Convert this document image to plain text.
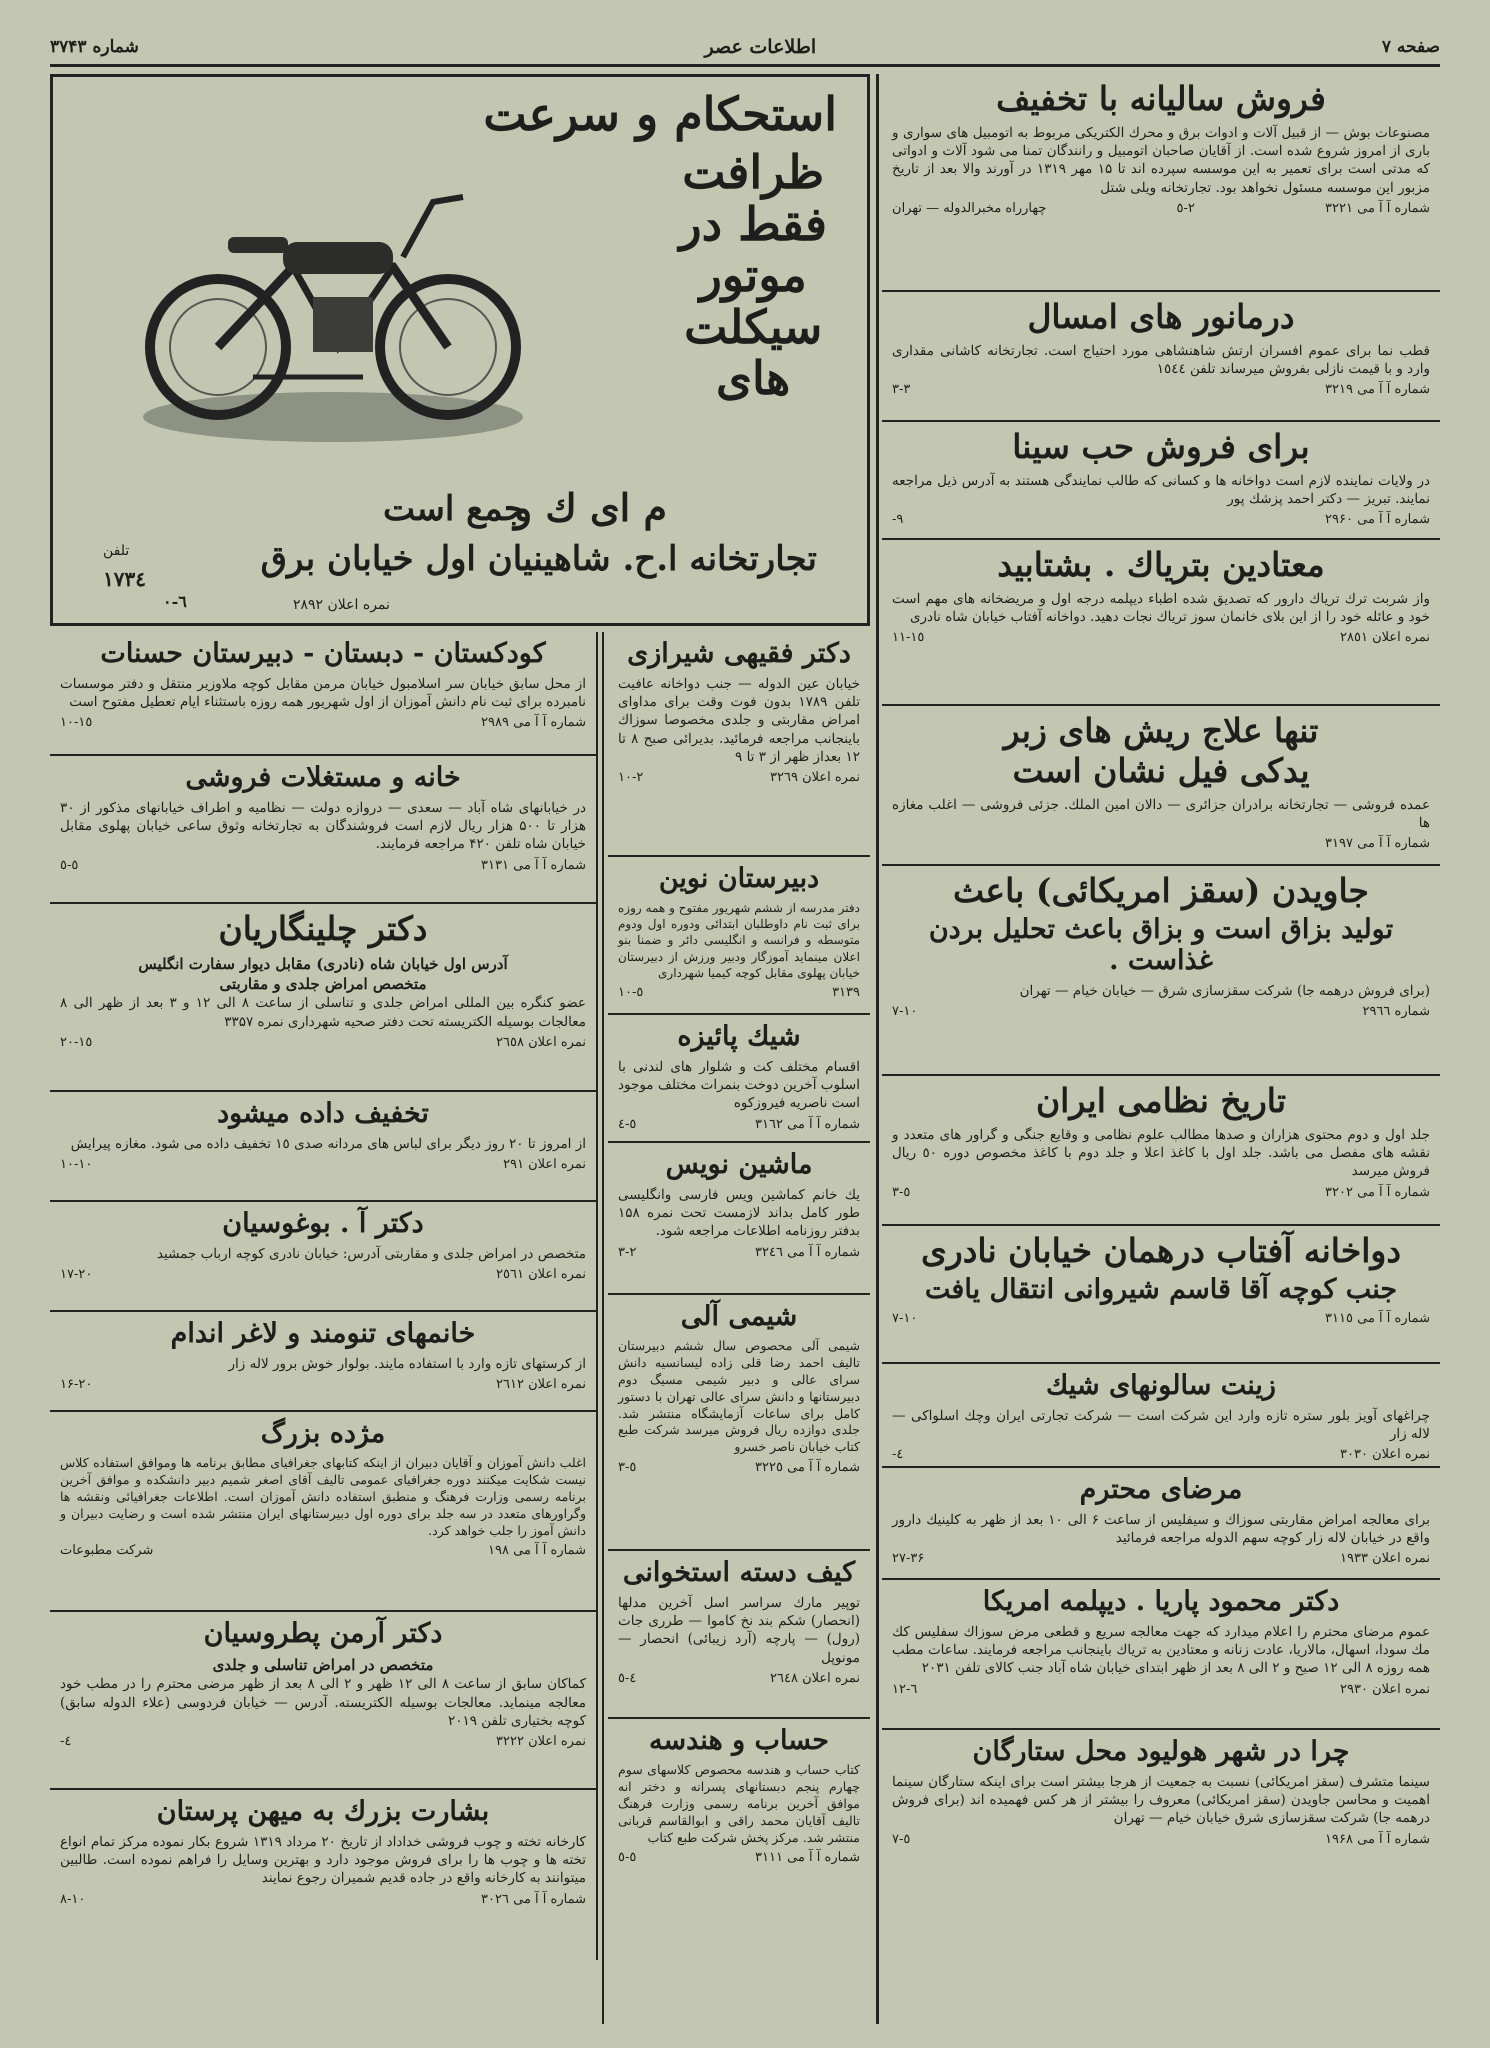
صفحه ۷
اطلاعات عصر
شماره ۳۷۴۳
استحکام و سرعت
ظرافت
فقط در
موتور
سیکلت
های
جمع است
م ای ك و
تجارتخانه ا.ح. شاهینیان اول خیابان برق
تلفن
۱۷۳٤
نمره اعلان ۲۸۹۲
٦-٠
فروش سالیانه با تخفیف

مصنوعات بوش — از قبیل آلات و ادوات برق و محرك الکتریکی مربوط به اتومبیل های سواری و باری از امروز شروع شده است. از آقایان صاحبان اتومبیل و رانندگان تمنا می شود آلات و ادواتی که مدتی است برای تعمیر به این موسسه سپرده اند تا ۱۵ مهر ۱۳۱۹ در آورند والا بعد از تاریخ مزبور این موسسه مسئول نخواهد بود. تجارتخانه ویلی شتل

شماره آ آ می ۳۲۲۱
٢-٥
چهارراه مخبرالدوله — تهران
درمانور های امسال

قطب نما برای عموم افسران ارتش شاهنشاهی مورد احتیاج است. تجارتخانه کاشانی مقداری وارد و با قیمت نازلی بفروش میرساند تلفن ۱٥٤٤

شماره آ آ می ۳۲۱۹
٣-٣
برای فروش حب سینا

در ولایات نماینده لازم است دواخانه ها و کسانی که طالب نمایندگی هستند به آدرس ذیل مراجعه نمایند. تبریز — دکتر احمد پزشك پور

شماره آ آ می ۲۹۶۰
٩-
معتادین بتریاك . بشتابید

واز شربت ترك تریاك دارور که تصدیق شده اطباء دیپلمه درجه اول و مریضخانه های مهم است خود و عائله خود را از این بلای خانمان سوز تریاك نجات دهید. دواخانه آفتاب خیابان شاه نادری

نمره اعلان ۲۸٥۱
۱۱-۱٥
تنها علاج ریش های زبر
یدکی فیل نشان است

عمده فروشی — تجارتخانه برادران جزائری — دالان امین الملك. جزئی فروشی — اغلب مغازه ها

شماره آ آ می ۳۱۹۷
جاویدن (سقز امریکائی) باعث
تولید بزاق است و بزاق باعث تحلیل بردن غذاست .

(برای فروش درهمه جا) شرکت سقزسازی شرق — خیابان خیام — تهران

شماره ۲۹٦٦
۷-۱۰
تاریخ نظامی ایران

جلد اول و دوم محتوی هزاران و صدها مطالب علوم نظامی و وقایع جنگی و گراور های متعدد و نقشه های مفصل می باشد. جلد اول با کاغذ اعلا و جلد دوم با کاغذ مخصوص دوره ٥۰ ریال فروش میرسد

شماره آ آ می ۳۲۰۲
٥-٣
دواخانه آفتاب درهمان خیابان نادری
جنب کوچه آقا قاسم شیروانی انتقال یافت
شماره آ آ می ۳۱۱٥
۷-۱۰
زینت سالونهای شیك

چراغهای آویز بلور ستره تازه وارد این شرکت است — شرکت تجارتی ایران وچك اسلواکی — لاله زار

نمره اعلان ۳۰۳۰
٤-
مرضای محترم

برای معالجه امراض مقاربتی سوزاك و سیفلیس از ساعت ۶ الی ۱۰ بعد از ظهر به کلینیك دارور واقع در خیابان لاله زار کوچه سهم الدوله مراجعه فرمائید

نمره اعلان ۱۹۳۳
۲۷-۳۶
دکتر محمود پاریا . دیپلمه امریکا

عموم مرضای محترم را اعلام میدارد که جهت معالجه سریع و قطعی مرض سوزاك سفلیس کك مك سودا، اسهال، مالاریا، عادت زنانه و معتادین به تریاك باینجانب مراجعه فرمایند. ساعات مطب همه روزه ۸ الی ۱۲ صبح و ۲ الی ۸ بعد از ظهر ابتدای خیابان شاه آباد جنب کالای تلفن ۲۰۳۱

نمره اعلان ۲۹۳۰
٦-١٢
چرا در شهر هولیود محل ستارگان

سینما متشرف (سقز امریکائی) نسبت به جمعیت از هرجا بیشتر است برای اینکه ستارگان سینما اهمیت و محاسن جاویدن (سقز امریکائی) معروف را بیشتر از هر کس فهمیده اند (برای فروش درهمه جا) شرکت سقزسازی شرق خیابان خیام — تهران

شماره آ آ می ۱۹۶۸
٥-۷
دکتر فقیهی شیرازی

خیابان عین الدوله — جنب دواخانه عافیت تلفن ۱۷۸۹ بدون فوت وقت برای مداوای امراض مقاربتی و جلدی مخصوصا سوزاك باینجانب مراجعه فرمائید. بدیرائی صبح ۸ تا ۱۲ بعداز ظهر از ۳ تا ۹

نمره اعلان ۳۲٦٩
٢-١٠
دبیرستان نوین

دفتر مدرسه از ششم شهریور مفتوح و همه روزه برای ثبت نام داوطلبان ابتدائی ودوره اول ودوم متوسطه و فرانسه و انگلیسی دائر و ضمنا بنو اعلان مینماید آموزگار ودبیر ورزش از دبیرستان خیابان پهلوی مقابل کوچه کیمیا شهرداری

۳۱۳۹
٥-۱۰
شیك پائیزه

اقسام مختلف کت و شلوار های لندنی با اسلوب آخرین دوخت بنمرات مختلف موجود است ناصریه فیروزکوه

شماره آ آ می ۳۱٦۲
٥-٤
ماشین نویس

یك خانم کماشین ویس فارسی وانگلیسی طور کامل بداند لازمست تحت نمره ۱۵۸ بدفتر روزنامه اطلاعات مراجعه شود.

شماره آ آ می ۳۲٤٦
٢-٣
شیمی آلی

شیمی آلی محصوص سال ششم دبیرستان تالیف احمد رضا قلی زاده لیسانسیه دانش سرای عالی و دبیر شیمی مسیگ دوم دبیرستانها و دانش سرای عالی تهران با دستور کامل برای ساعات آزمایشگاه منتشر شد. جلدی دوازده ریال فروش میرسد شرکت طبع کتاب خیابان ناصر خسرو

شماره آ آ می ۳۲۲٥
٥-٣
کیف دسته استخوانی

توپیر مارك سراسر اسل آخرین مدلها (انحصار) شکم بند نخ کاموا — طرری جات (رول) — پارچه (آرد زیبائی) انحصار — مونوپل

نمره اعلان ۲٦٤۸
٤-٥
حساب و هندسه

کتاب حساب و هندسه محصوص کلاسهای سوم چهارم پنجم دبستانهای پسرانه و دختر انه موافق آخرین برنامه رسمی وزارت فرهنگ تالیف آقایان محمد راقی و ابوالقاسم قربانی منتشر شد. مرکز پخش شرکت طبع کتاب

شماره آ آ می ۳۱۱۱
٥-٥
کودکستان - دبستان - دبیرستان حسنات

از محل سابق خیابان سر اسلامبول خیابان مرمن مقابل کوچه ملاوزیر منتقل و دفتر موسسات نامبرده برای ثبت نام دانش آموزان از اول شهریور همه روزه باستثناء ایام تعطیل مفتوح است

شماره آ آ می ۲۹۸۹
۱۰-۱٥
خانه و مستغلات فروشی

در خیابانهای شاه آباد — سعدی — دروازه دولت — نظامیه و اطراف خیابانهای مذکور از ۳۰ هزار تا ۵۰۰ هزار ریال لازم است فروشندگان به تجارتخانه وثوق ساعی خیابان پهلوی مقابل خیابان شاه تلفن ۴۲۰ مراجعه فرمایند.

شماره آ آ می ۳۱۳۱
٥-٥
دکتر چلینگاریان

آدرس اول خیابان شاه (نادری) مقابل دیوار سفارت انگلیس

متخصص امراض جلدی و مقاربتی

عضو کنگره بین المللی امراض جلدی و تناسلی از ساعت ۸ الی ۱۲ و ۳ بعد از ظهر الی ۸ معالجات بوسیله الکتریسته تحت دفتر صحیه شهرداری نمره ۳۳۵۷

نمره اعلان ۲٦٥۸
۱٥-۲۰
تخفیف داده میشود

از امروز تا ۲۰ روز دیگر برای لباس های مردانه صدی ۱٥ تخفیف داده می شود. مغازه پیرایش

نمره اعلان ۲۹۱
۱۰-۱۰
دکتر آ . بوغوسیان

متخصص در امراض جلدی و مقاربتی آدرس: خیابان نادری کوچه ارباب جمشید

نمره اعلان ۲٥٦۱
۱۷-۲۰
خانمهای تنومند و لاغر اندام

از کرستهای تازه وارد با استفاده مایند. بولوار خوش برور لاله زار

نمره اعلان ۲٦۱۲
۱۶-۲۰
مژده بزرگ

اغلب دانش آموزان و آقایان دبیران از اینکه کتابهای جغرافیای مطابق برنامه ها وموافق استفاده کلاس نیست شکایت میکنند دوره جغرافیای عمومی تالیف آقای اصغر شمیم دبیر دانشکده و موافق آخرین برنامه رسمی وزارت فرهنگ و منطبق استفاده دانش آموزان است. اطلاعات جغرافیائی ونقشه ها وگراورهای متعدد در سه جلد برای دوره اول دبیرستانهای ایران منتشر شده است و رضایت دبیران و دانش آموز را جلب خواهد کرد.

شماره آ آ می ۱۹۸
شرکت مطبوعات
دکتر آرمن پطروسیان

متخصص در امراض تناسلی و جلدی

کماکان سابق از ساعت ۸ الی ۱۲ ظهر و ۲ الی ۸ بعد از ظهر مرضی محترم را در مطب خود معالجه مینماید. معالجات بوسیله الکتریسته. آدرس — خیابان فردوسی (علاء الدوله سابق) کوچه بختیاری تلفن ۲۰۱۹

نمره اعلان ۳۲۲۲
٤-
بشارت بزرك به میهن پرستان

کارخانه تخته و چوب فروشی خداداد از تاریخ ۲۰ مرداد ۱۳۱۹ شروع بکار نموده مرکز تمام انواع تخته ها و چوب ها را برای فروش موجود دارد و بهترین وسایل را فراهم نموده است. طالبین میتوانند به کارخانه واقع در جاده قدیم شمیران رجوع نمایند

شماره آ آ می ۳۰۲٦
۸-۱۰
